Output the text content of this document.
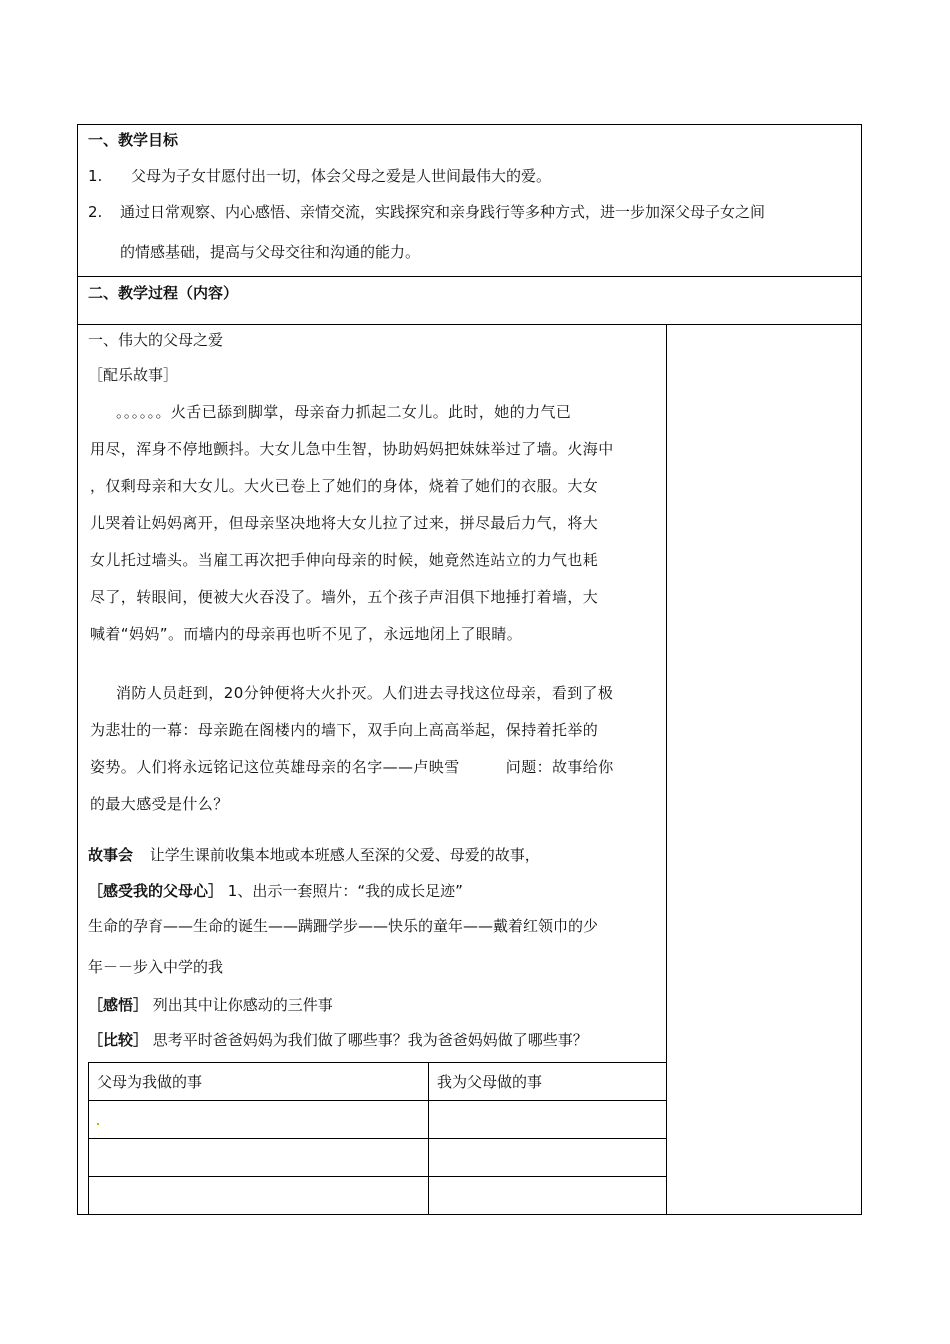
一、教学目标
1. 父母为子女甘愿付出一切，体会父母之爱是人世间最伟大的爱。
2. 通过日常观察、内心感悟、亲情交流，实践探究和亲身践行等多种方式，进一步加深父母子女之间
的情感基础，提高与父母交往和沟通的能力。
二、教学过程（内容）
一、伟大的父母之爱
［配乐故事］
。。。。。。火舌已舔到脚掌，母亲奋力抓起二女儿。此时，她的力气已
用尽，浑身不停地颤抖。大女儿急中生智，协助妈妈把妹妹举过了墙。火海中
，仅剩母亲和大女儿。大火已卷上了她们的身体，烧着了她们的衣服。大女
儿哭着让妈妈离开，但母亲坚决地将大女儿拉了过来，拼尽最后力气，将大
女儿托过墙头。当雇工再次把手伸向母亲的时候，她竟然连站立的力气也耗
尽了，转眼间，便被大火吞没了。墙外，五个孩子声泪俱下地捶打着墙，大
喊着“妈妈”。而墙内的母亲再也听不见了，永远地闭上了眼睛。
消防人员赶到，20分钟便将大火扑灭。人们进去寻找这位母亲，看到了极
为悲壮的一幕：母亲跪在阁楼内的墙下，双手向上高高举起，保持着托举的
姿势。人们将永远铭记这位英雄母亲的名字——卢映雪　　　问题：故事给你
的最大感受是什么？
故事会 让学生课前收集本地或本班感人至深的父爱、母爱的故事，
［感受我的父母心］ 1、出示一套照片：“我的成长足迹”
生命的孕育——生命的诞生——蹒跚学步——快乐的童年——戴着红领巾的少
年－－步入中学的我
［感悟］ 列出其中让你感动的三件事
［比较］ 思考平时爸爸妈妈为我们做了哪些事？我为爸爸妈妈做了哪些事？
父母为我做的事	我为父母做的事
